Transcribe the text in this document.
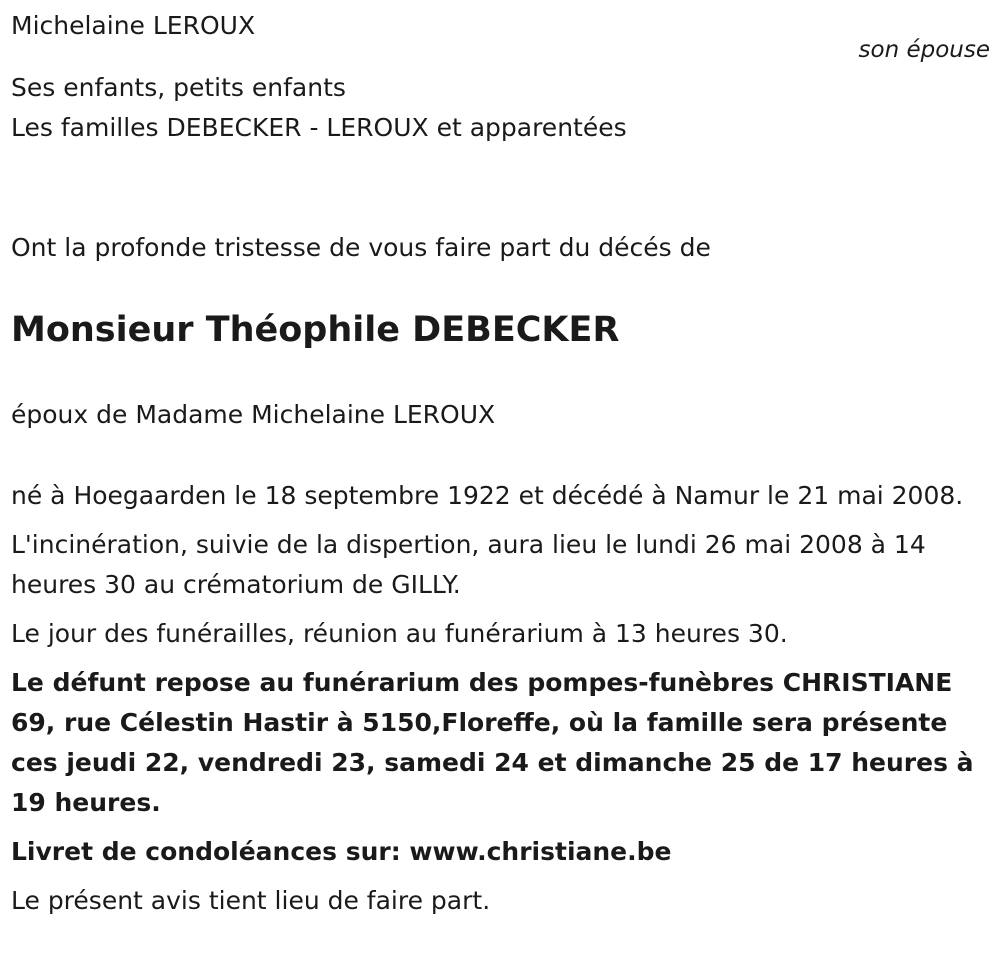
Michelaine LEROUX
son épouse

Ses enfants, petits enfants

Les familles DEBECKER - LEROUX et apparentées

Ont la profonde tristesse de vous faire part du décés de

Monsieur Théophile DEBECKER

époux de Madame Michelaine LEROUX

né à Hoegaarden le 18 septembre 1922 et décédé à Namur le 21 mai 2008.

L'incinération, suivie de la dispertion, aura lieu le lundi 26 mai 2008 à 14 heures 30 au crématorium de GILLY.

Le jour des funérailles, réunion au funérarium à 13 heures 30.

Le défunt repose au funérarium des pompes-funèbres CHRISTIANE 69, rue Célestin Hastir à 5150,Floreffe, où la famille sera présente ces jeudi 22, vendredi 23, samedi 24 et dimanche 25 de 17 heures à 19 heures.

Livret de condoléances sur: www.christiane.be

Le présent avis tient lieu de faire part.
